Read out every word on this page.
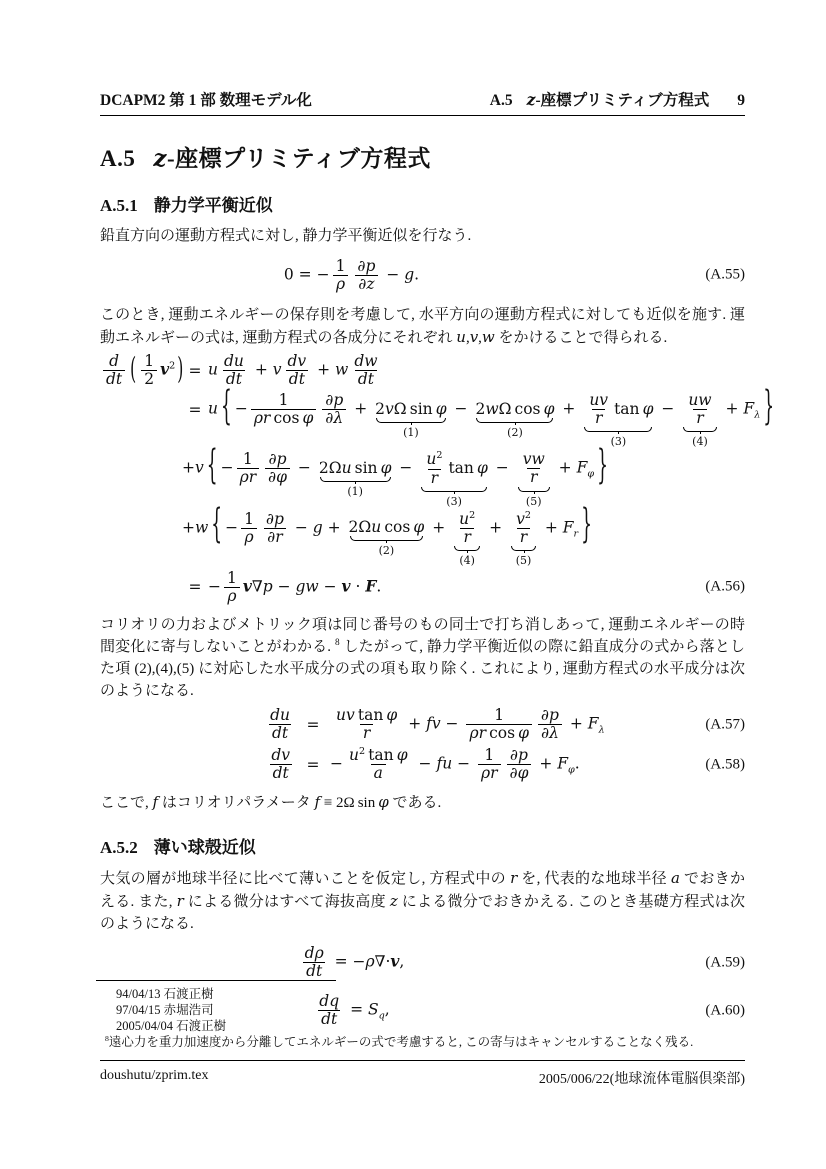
DCAPM2 第 1 部 数理モデル化	A.5 z-座標プリミティブ方程式 9
A.5 z-座標プリミティブ方程式
A.5.1 静力学平衡近似

鉛直方向の運動方程式に対し, 静力学平衡近似を行なう.

0 = − $\frac{1}{\rho} \frac{\partial p}{\partial z} - g$.	(A.55)

このとき, 運動エネルギーの保存則を考慮して, 水平方向の運動方程式に対しても近似を施す. 運動エネルギーの式は, 運動方程式の各成分にそれぞれ u,v,w をかけることで得られる.

$\frac{d}{dt}$ ( $\frac{1}{2} v^2$ ) = u $\frac{du}{dt} + v \frac{dv}{dt} + w \frac{dw}{dt}$
= u { − $\frac{1}{\text{ρr cos φ}} \frac{\partial p}{\partial\lambda} + 2v\Omega$ sin φ
(1)
− 2wΩ cos φ
(2)
+ $\frac{uv}{r}$ tan φ
(3)
− $\frac{uw}{r}$
(4)
+ $F_\lambda$ }
+v { − $\frac{1}{\rho r} \frac{\partial p}{\partial\varphi} - 2\Omega u$ sin φ
(1)
− $\frac{u^2}{r}$ tan φ
(3)
− $\frac{vw}{r}$
(5)
+ $F_\varphi$ }
+w { − $\frac{1}{\rho} \frac{\partial p}{\partial r} - g + 2\Omega u$ cos φ
(2)
+ $\frac{u^2}{r}$
(4)
+ $\frac{v^2}{r}$
(5)
+ $F_r$ }
= − $\frac{1}{\rho} v\nabla p$ − gw − v · F.	(A.56)

コリオリの力およびメトリック項は同じ番号のもの同士で打ち消しあって, 運動エネルギーの時間変化に寄与しないことがわかる. $^8$ したがって, 静力学平衡近似の際に鉛直成分の式から落とした項 (2),(4),(5) に対応した水平成分の式の項も取り除く. これにより, 運動方程式の水平成分は次のようになる.

$\frac{du}{dt} = \frac{\text{uv tan φ}}{r}$ + fv − $\frac{1}{\text{ρr cos φ}} \frac{\partial p}{\partial\lambda} + F_\lambda$	(A.57)
$\frac{dv}{dt}$ = − $\frac{u^2 \tan \varphi}{a}$ − fu − $\frac{1}{\rho r} \frac{\partial p}{\partial\varphi} + F_\varphi$.	(A.58)

ここで, f はコリオリパラメータ f ≡ 2Ω sin φ である.

A.5.2 薄い球殻近似

大気の層が地球半径に比べて薄いことを仮定し, 方程式中の r を, 代表的な地球半径 a でおきかえる. また, r による微分はすべて海抜高度 z による微分でおきかえる. このとき基礎方程式は次のようになる.

$\frac{d\rho}{dt} = -\rho\nabla\cdot v$,	(A.59)
$\frac{dq}{dt} = S_q$,	(A.60)
94/04/13 石渡正樹
97/04/15 赤堀浩司
2005/04/04 石渡正樹
$^8$遠心力を重力加速度から分離してエネルギーの式で考慮すると, この寄与はキャンセルすることなく残る.
doushutu/zprim.tex	2005/006/22(地球流体電脳倶楽部)
